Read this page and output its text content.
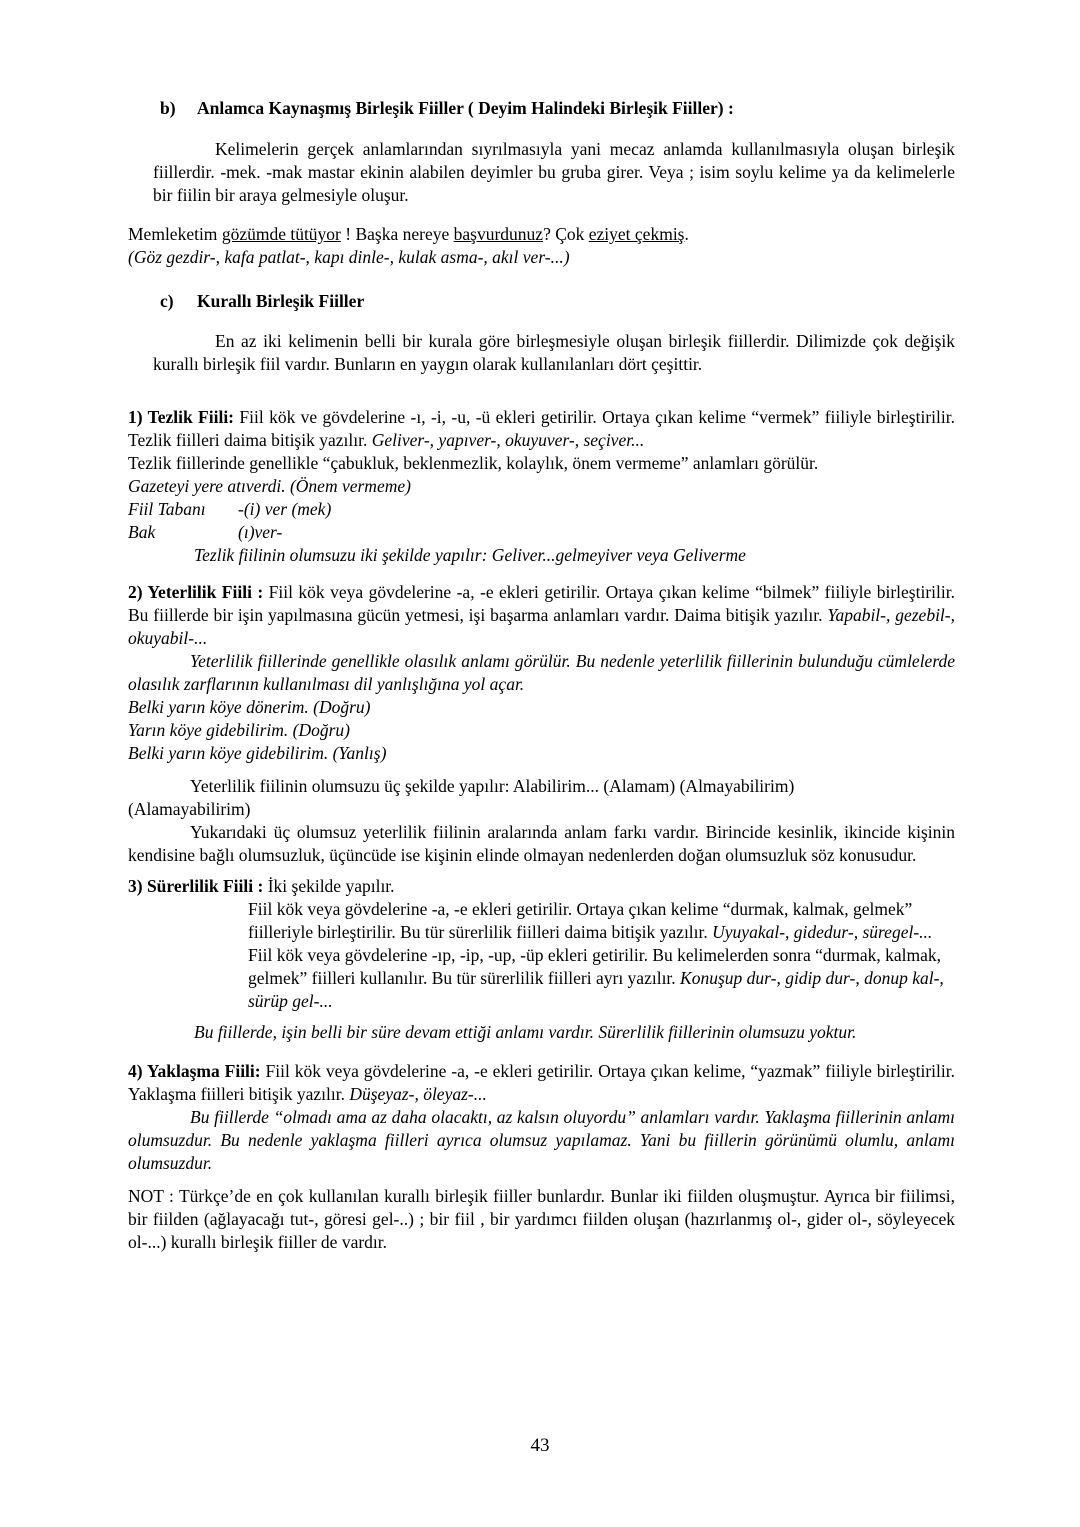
b) Anlamca Kaynaşmış Birleşik Fiiller ( Deyim Halindeki Birleşik Fiiller) :

Kelimelerin gerçek anlamlarından sıyrılmasıyla yani mecaz anlamda kullanılmasıyla oluşan birleşik fiillerdir. -mek. -mak mastar ekinin alabilen deyimler bu gruba girer. Veya ; isim soylu kelime ya da kelimelerle bir fiilin bir araya gelmesiyle oluşur.

Memleketim gözümde tütüyor ! Başka nereye başvurdunuz? Çok eziyet çekmiş.

(Göz gezdir-, kafa patlat-, kapı dinle-, kulak asma-, akıl ver-...)

c) Kurallı Birleşik Fiiller

En az iki kelimenin belli bir kurala göre birleşmesiyle oluşan birleşik fiillerdir. Dilimizde çok değişik kurallı birleşik fiil vardır. Bunların en yaygın olarak kullanılanları dört çeşittir.

1) Tezlik Fiili: Fiil kök ve gövdelerine -ı, -i, -u, -ü ekleri getirilir. Ortaya çıkan kelime “vermek” fiiliyle birleştirilir. Tezlik fiilleri daima bitişik yazılır. Geliver-, yapıver-, okuyuver-, seçiver...

Tezlik fiillerinde genellikle “çabukluk, beklenmezlik, kolaylık, önem vermeme” anlamları görülür.

Gazeteyi yere atıverdi. (Önem vermeme)

Fiil Tabanı -(i) ver (mek)

Bak	(ı)ver-

Tezlik fiilinin olumsuzu iki şekilde yapılır: Geliver...gelmeyiver veya Geliverme

2) Yeterlilik Fiili : Fiil kök veya gövdelerine -a, -e ekleri getirilir. Ortaya çıkan kelime “bilmek” fiiliyle birleştirilir. Bu fiillerde bir işin yapılmasına gücün yetmesi, işi başarma anlamları vardır. Daima bitişik yazılır. Yapabil-, gezebil-, okuyabil-...

Yeterlilik fiillerinde genellikle olasılık anlamı görülür. Bu nedenle yeterlilik fiillerinin bulunduğu cümlelerde olasılık zarflarının kullanılması dil yanlışlığına yol açar.

Belki yarın köye dönerim. (Doğru)

Yarın köye gidebilirim. (Doğru)

Belki yarın köye gidebilirim. (Yanlış)

Yeterlilik fiilinin olumsuzu üç şekilde yapılır: Alabilirim... (Alamam) (Almayabilirim)

(Alamayabilirim)

Yukarıdaki üç olumsuz yeterlilik fiilinin aralarında anlam farkı vardır. Birincide kesinlik, ikincide kişinin kendisine bağlı olumsuzluk, üçüncüde ise kişinin elinde olmayan nedenlerden doğan olumsuzluk söz konusudur.

3) Sürerlilik Fiili : İki şekilde yapılır.

Fiil kök veya gövdelerine -a, -e ekleri getirilir. Ortaya çıkan kelime “durmak, kalmak, gelmek” fiilleriyle birleştirilir. Bu tür sürerlilik fiilleri daima bitişik yazılır. Uyuyakal-, gidedur-, süregel-...

Fiil kök veya gövdelerine -ıp, -ip, -up, -üp ekleri getirilir. Bu kelimelerden sonra “durmak, kalmak, gelmek” fiilleri kullanılır. Bu tür sürerlilik fiilleri ayrı yazılır. Konuşup dur-, gidip dur-, donup kal-, sürüp gel-...

Bu fiillerde, işin belli bir süre devam ettiği anlamı vardır. Sürerlilik fiillerinin olumsuzu yoktur.

4) Yaklaşma Fiili: Fiil kök veya gövdelerine -a, -e ekleri getirilir. Ortaya çıkan kelime, “yazmak” fiiliyle birleştirilir. Yaklaşma fiilleri bitişik yazılır. Düşeyaz-, öleyaz-...

Bu fiillerde “olmadı ama az daha olacaktı, az kalsın oluyordu” anlamları vardır. Yaklaşma fiillerinin anlamı olumsuzdur. Bu nedenle yaklaşma fiilleri ayrıca olumsuz yapılamaz. Yani bu fiillerin görünümü olumlu, anlamı olumsuzdur.

NOT : Türkçe’de en çok kullanılan kurallı birleşik fiiller bunlardır. Bunlar iki fiilden oluşmuştur. Ayrıca bir fiilimsi, bir fiilden (ağlayacağı tut-, göresi gel-..) ; bir fiil , bir yardımcı fiilden oluşan (hazırlanmış ol-, gider ol-, söyleyecek ol-...) kurallı birleşik fiiller de vardır.

43
